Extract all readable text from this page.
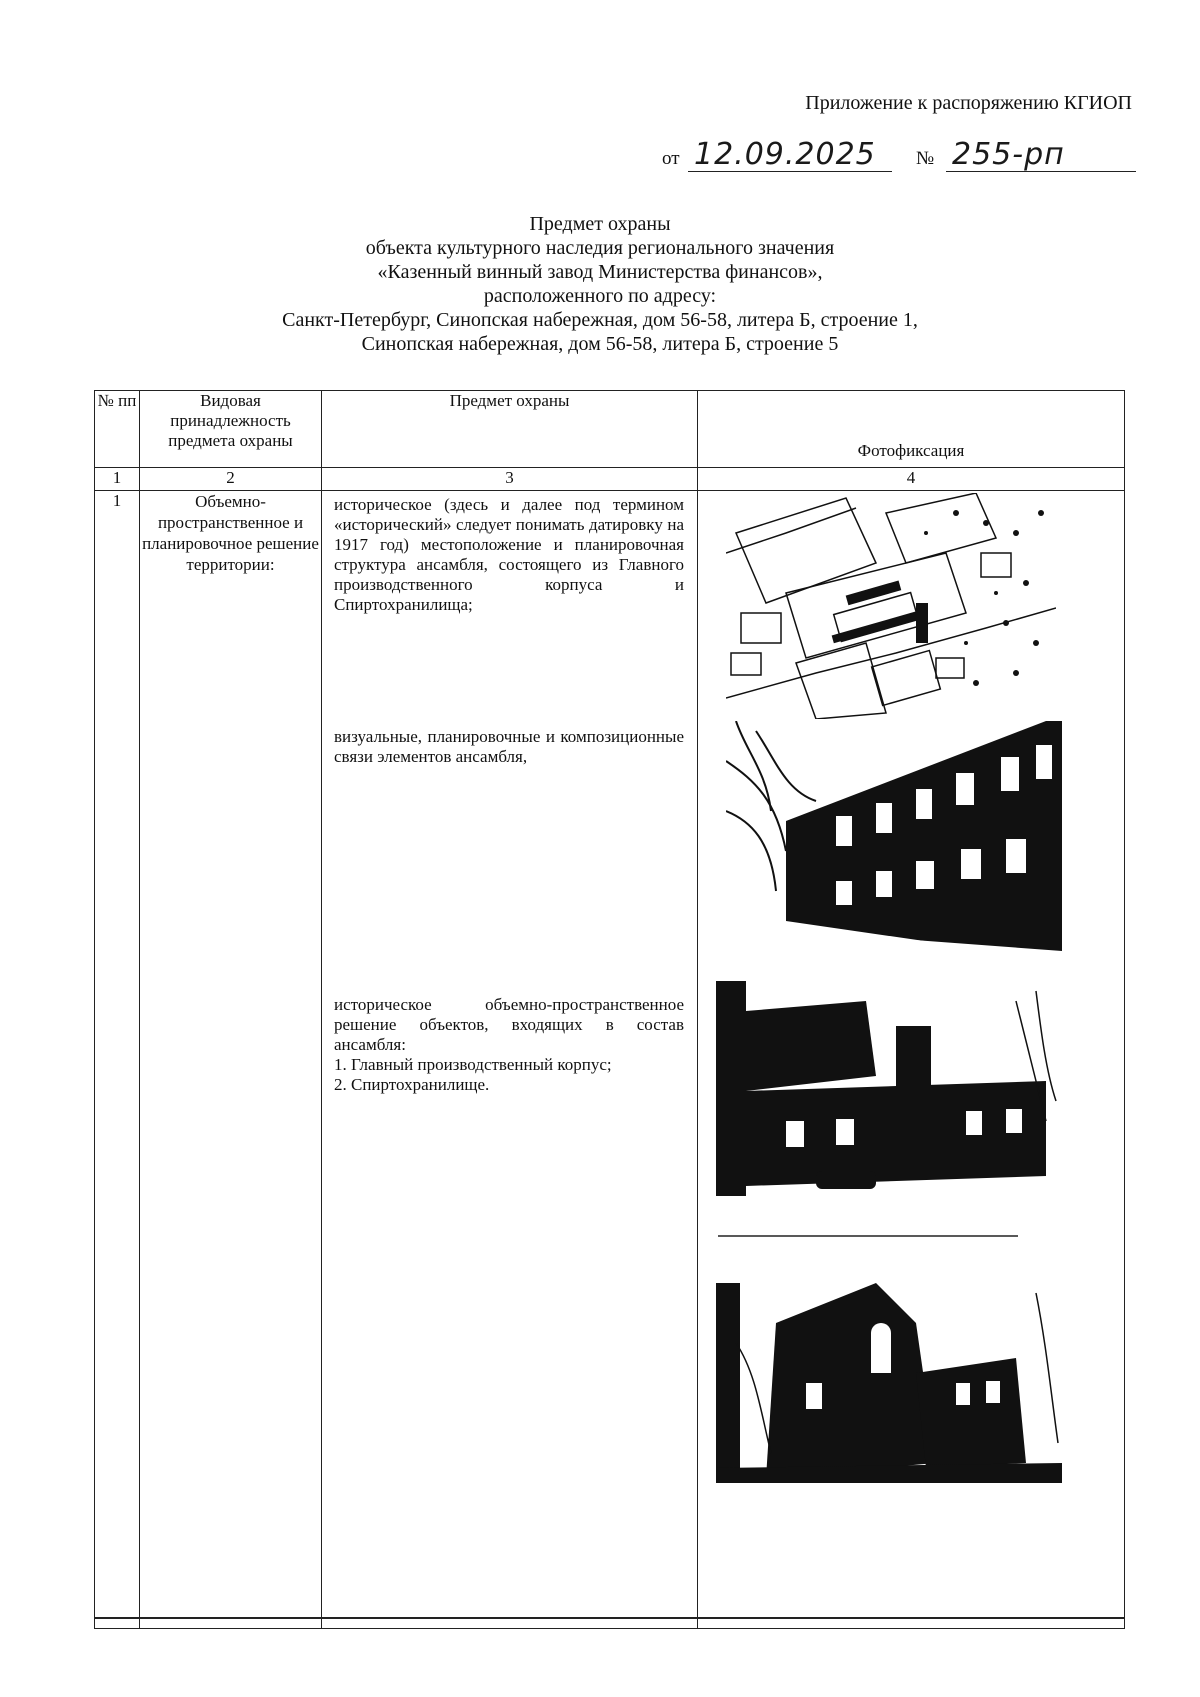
Приложение к распоряжению КГИОП
от 12.09.2025 № 255-рп
Предмет охраны
объекта культурного наследия регионального значения
«Казенный винный завод Министерства финансов»,
расположенного по адресу:
Санкт-Петербург, Синопская набережная, дом 56-58, литера Б, строение 1,
Синопская набережная, дом 56-58, литера Б, строение 5
№ пп	Видовая принадлежность предмета охраны	Предмет охраны	Фотофиксация
1	2	3	4
1	Объемно-пространственное и планировочное решение территории:	историческое (здесь и далее под термином «исторический» следует понимать датировку на 1917 год) местоположение и планировочная структура ансамбля, состоящего из Главного производственного корпуса и Спиртохранилища;

визуальные, планировочные и композиционные связи элементов ансамбля,

историческое объемно-пространственное решение объектов, входящих в состав ансамбля:

1. Главный производственный корпус;

2. Спиртохранилище.
